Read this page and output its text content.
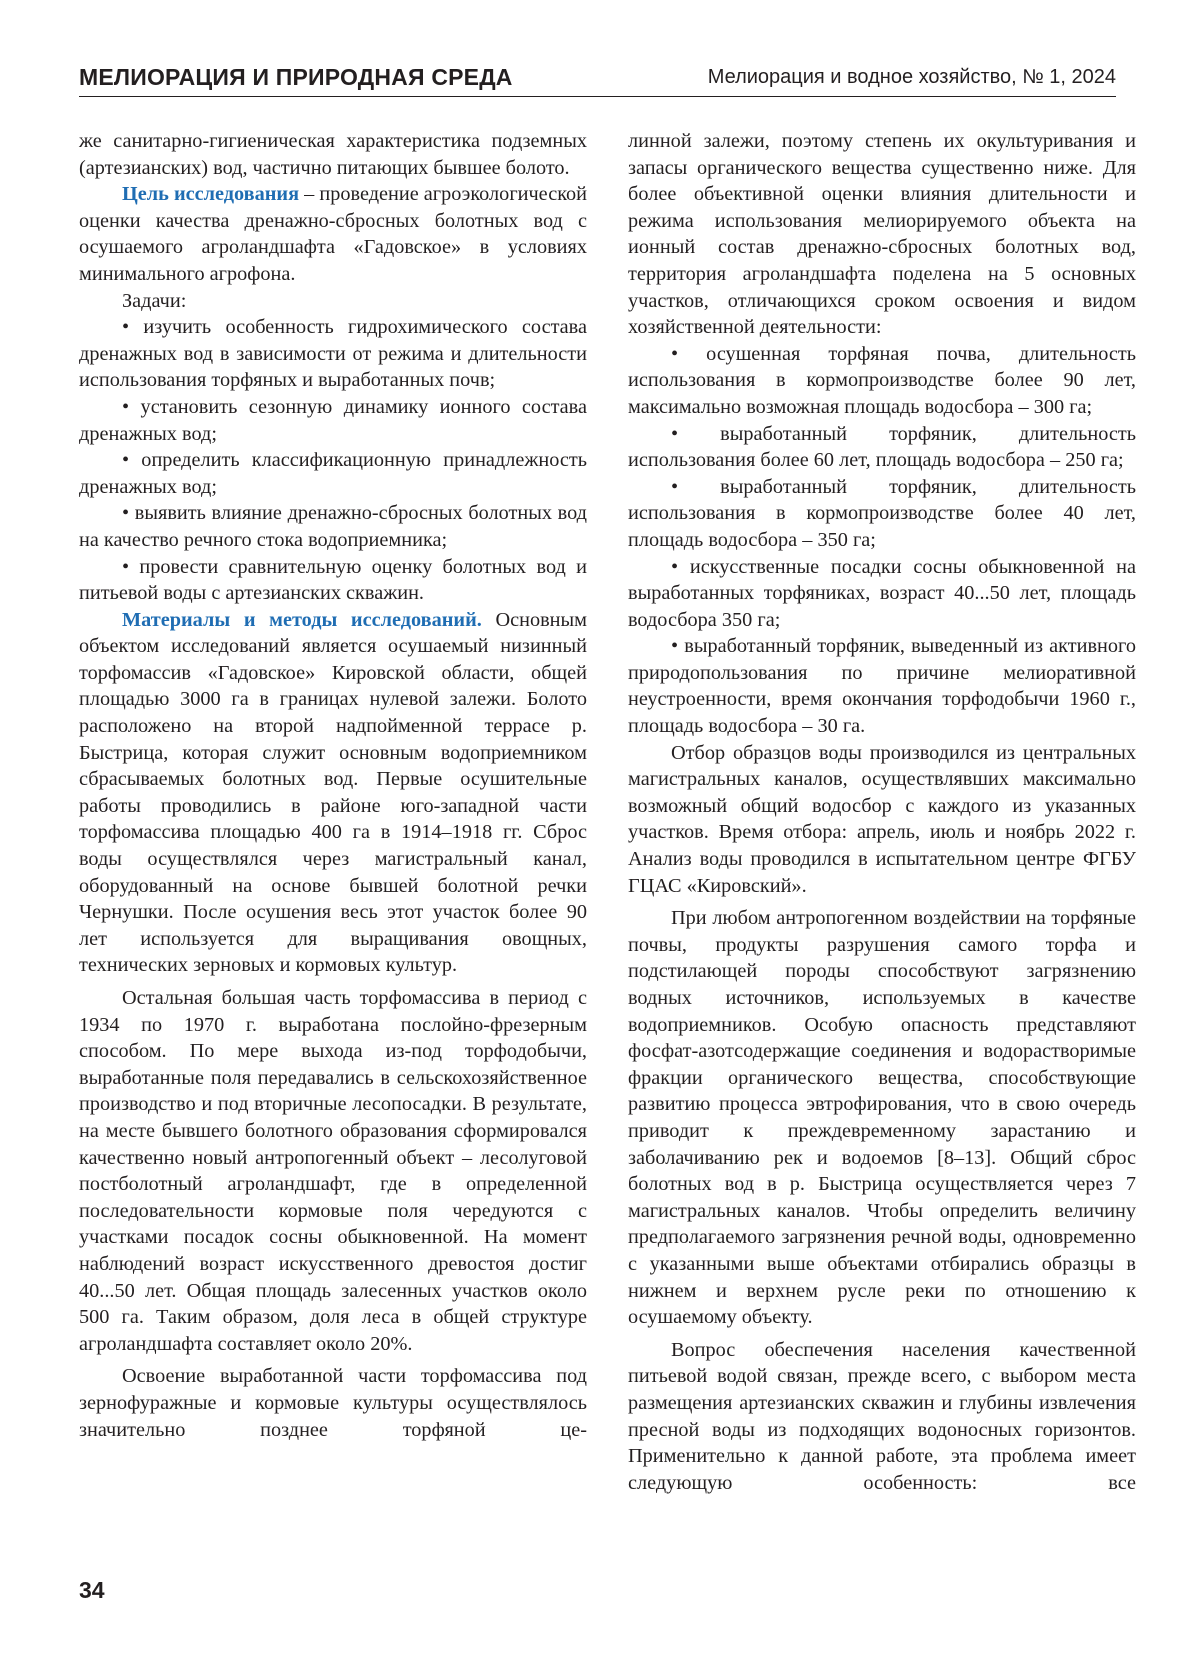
МЕЛИОРАЦИЯ И ПРИРОДНАЯ СРЕДА	Мелиорация и водное хозяйство, № 1, 2024

же санитарно-гигиеническая характеристика подземных (артезианских) вод, частично питающих бывшее болото.

Цель исследования – проведение агроэкологической оценки качества дренажно-сбросных болотных вод с осушаемого агроландшафта «Гадовское» в условиях минимального агрофона.

Задачи:

• изучить особенность гидрохимического состава дренажных вод в зависимости от режима и длительности использования торфяных и выработанных почв;

• установить сезонную динамику ионного состава дренажных вод;

• определить классификационную принадлежность дренажных вод;

• выявить влияние дренажно-сбросных болотных вод на качество речного стока водоприемника;

• провести сравнительную оценку болотных вод и питьевой воды с артезианских скважин.

Материалы и методы исследований. Основным объектом исследований является осушаемый низинный торфомассив «Гадовское» Кировской области, общей площадью 3000 га в границах нулевой залежи. Болото расположено на второй надпойменной террасе р. Быстрица, которая служит основным водоприемником сбрасываемых болотных вод. Первые осушительные работы проводились в районе юго-западной части торфомассива площадью 400 га в 1914–1918 гг. Сброс воды осуществлялся через магистральный канал, оборудованный на основе бывшей болотной речки Чернушки. После осушения весь этот участок более 90 лет используется для выращивания овощных, технических зерновых и кормовых культур.

Остальная большая часть торфомассива в период с 1934 по 1970 г. выработана послойно-фрезерным способом. По мере выхода из-под торфодобычи, выработанные поля передавались в сельскохозяйственное производство и под вторичные лесопосадки. В результате, на месте бывшего болотного образования сформировался качественно новый антропогенный объект – лесолуговой постболотный агроландшафт, где в определенной последовательности кормовые поля чередуются с участками посадок сосны обыкновенной. На момент наблюдений возраст искусственного древостоя достиг 40...50 лет. Общая площадь залесенных участков около 500 га. Таким образом, доля леса в общей структуре агроландшафта составляет около 20%.

Освоение выработанной части торфомассива под зернофуражные и кормовые культуры осуществлялось значительно позднее торфяной це-

линной залежи, поэтому степень их окультуривания и запасы органического вещества существенно ниже. Для более объективной оценки влияния длительности и режима использования мелиорируемого объекта на ионный состав дренажно-сбросных болотных вод, территория агроландшафта поделена на 5 основных участков, отличающихся сроком освоения и видом хозяйственной деятельности:

• осушенная торфяная почва, длительность использования в кормопроизводстве более 90 лет, максимально возможная площадь водосбора – 300 га;

• выработанный торфяник, длительность использования более 60 лет, площадь водосбора – 250 га;

• выработанный торфяник, длительность использования в кормопроизводстве более 40 лет, площадь водосбора – 350 га;

• искусственные посадки сосны обыкновенной на выработанных торфяниках, возраст 40...50 лет, площадь водосбора 350 га;

• выработанный торфяник, выведенный из активного природопользования по причине мелиоративной неустроенности, время окончания торфодобычи 1960 г., площадь водосбора – 30 га.

Отбор образцов воды производился из центральных магистральных каналов, осуществлявших максимально возможный общий водосбор с каждого из указанных участков. Время отбора: апрель, июль и ноябрь 2022 г. Анализ воды проводился в испытательном центре ФГБУ ГЦАС «Кировский».

При любом антропогенном воздействии на торфяные почвы, продукты разрушения самого торфа и подстилающей породы способствуют загрязнению водных источников, используемых в качестве водоприемников. Особую опасность представляют фосфат-азотсодержащие соединения и водорастворимые фракции органического вещества, способствующие развитию процесса эвтрофирования, что в свою очередь приводит к преждевременному зарастанию и заболачиванию рек и водоемов [8–13]. Общий сброс болотных вод в р. Быстрица осуществляется через 7 магистральных каналов. Чтобы определить величину предполагаемого загрязнения речной воды, одновременно с указанными выше объектами отбирались образцы в нижнем и верхнем русле реки по отношению к осушаемому объекту.

Вопрос обеспечения населения качественной питьевой водой связан, прежде всего, с выбором места размещения артезианских скважин и глубины извлечения пресной воды из подходящих водоносных горизонтов. Применительно к данной работе, эта проблема имеет следующую особенность: все

34
